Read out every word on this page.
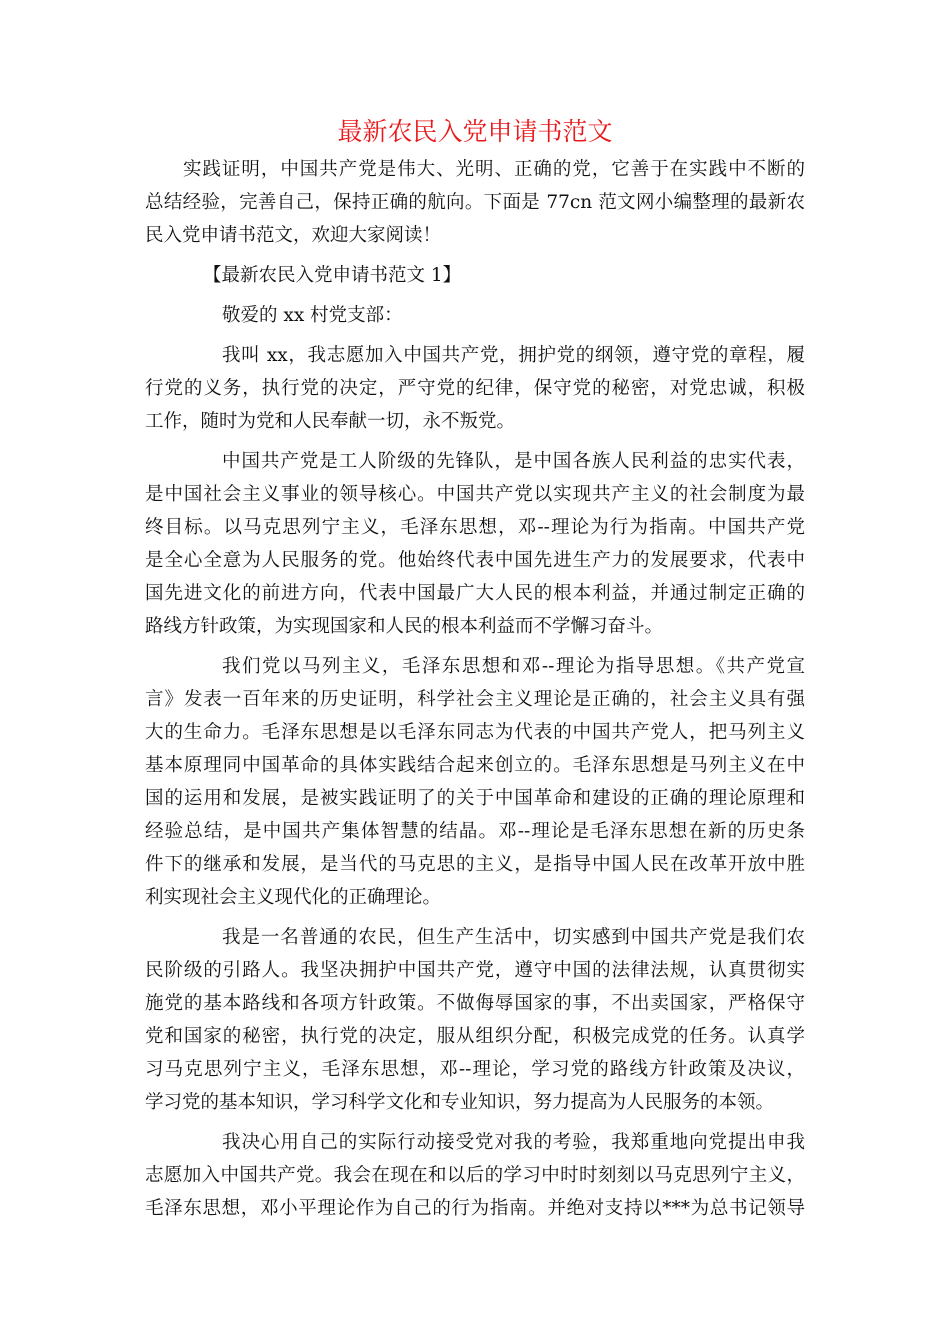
最新农民入党申请书范文
实践证明，中国共产党是伟大、光明、正确的党，它善于在实践中不断的
总结经验，完善自己，保持正确的航向。下面是 77cn 范文网小编整理的最新农
民入党申请书范文，欢迎大家阅读！
【最新农民入党申请书范文 1】
敬爱的 xx 村党支部：
我叫 xx，我志愿加入中国共产党，拥护党的纲领，遵守党的章程，履
行党的义务，执行党的决定，严守党的纪律，保守党的秘密，对党忠诚，积极
工作，随时为党和人民奉献一切，永不叛党。
中国共产党是工人阶级的先锋队，是中国各族人民利益的忠实代表，
是中国社会主义事业的领导核心。中国共产党以实现共产主义的社会制度为最
终目标。以马克思列宁主义，毛泽东思想，邓--理论为行为指南。中国共产党
是全心全意为人民服务的党。他始终代表中国先进生产力的发展要求，代表中
国先进文化的前进方向，代表中国最广大人民的根本利益，并通过制定正确的
路线方针政策，为实现国家和人民的根本利益而不学懈习奋斗。
我们党以马列主义，毛泽东思想和邓--理论为指导思想。《共产党宣
言》发表一百年来的历史证明，科学社会主义理论是正确的，社会主义具有强
大的生命力。毛泽东思想是以毛泽东同志为代表的中国共产党人，把马列主义
基本原理同中国革命的具体实践结合起来创立的。毛泽东思想是马列主义在中
国的运用和发展，是被实践证明了的关于中国革命和建设的正确的理论原理和
经验总结，是中国共产集体智慧的结晶。邓--理论是毛泽东思想在新的历史条
件下的继承和发展，是当代的马克思的主义，是指导中国人民在改革开放中胜
利实现社会主义现代化的正确理论。
我是一名普通的农民，但生产生活中，切实感到中国共产党是我们农
民阶级的引路人。我坚决拥护中国共产党，遵守中国的法律法规，认真贯彻实
施党的基本路线和各项方针政策。不做侮辱国家的事，不出卖国家，严格保守
党和国家的秘密，执行党的决定，服从组织分配，积极完成党的任务。认真学
习马克思列宁主义，毛泽东思想，邓--理论，学习党的路线方针政策及决议，
学习党的基本知识，学习科学文化和专业知识，努力提高为人民服务的本领。
我决心用自己的实际行动接受党对我的考验，我郑重地向党提出申我
志愿加入中国共产党。我会在现在和以后的学习中时时刻刻以马克思列宁主义，
毛泽东思想，邓小平理论作为自己的行为指南。并绝对支持以***为总书记领导
